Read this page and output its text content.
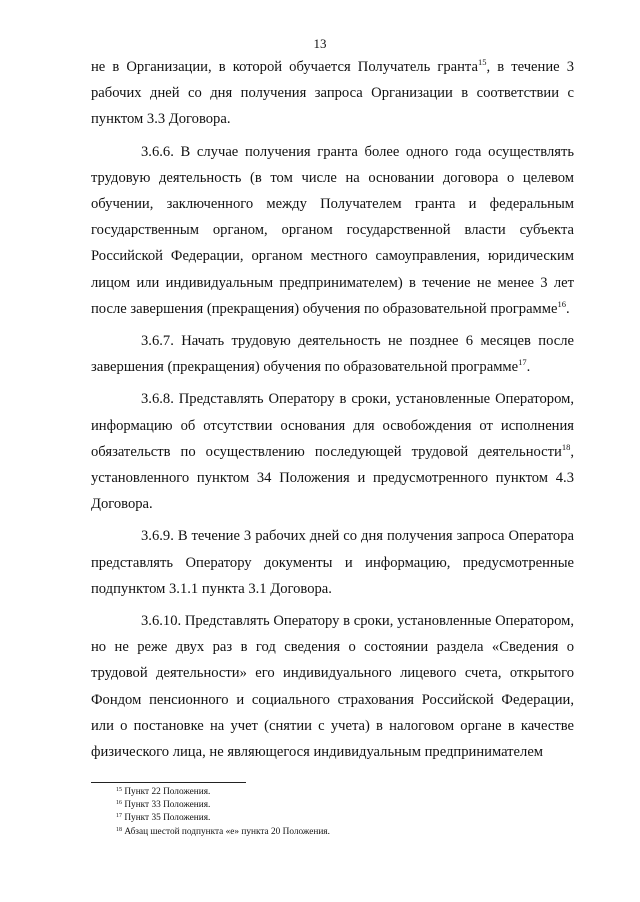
13

не в Организации, в которой обучается Получатель гранта$^{15}$, в течение 3 рабочих дней со дня получения запроса Организации в соответствии с пунктом 3.3 Договора.

3.6.6. В случае получения гранта более одного года осуществлять трудовую деятельность (в том числе на основании договора о целевом обучении, заключенного между Получателем гранта и федеральным государственным органом, органом государственной власти субъекта Российской Федерации, органом местного самоуправления, юридическим лицом или индивидуальным предпринимателем) в течение не менее 3 лет после завершения (прекращения) обучения по образовательной программе$^{16}$.

3.6.7. Начать трудовую деятельность не позднее 6 месяцев после завершения (прекращения) обучения по образовательной программе$^{17}$.

3.6.8. Представлять Оператору в сроки, установленные Оператором, информацию об отсутствии основания для освобождения от исполнения обязательств по осуществлению последующей трудовой деятельности$^{18}$, установленного пунктом 34 Положения и предусмотренного пунктом 4.3 Договора.

3.6.9. В течение 3 рабочих дней со дня получения запроса Оператора представлять Оператору документы и информацию, предусмотренные подпунктом 3.1.1 пункта 3.1 Договора.

3.6.10. Представлять Оператору в сроки, установленные Оператором, но не реже двух раз в год сведения о состоянии раздела «Сведения о трудовой деятельности» его индивидуального лицевого счета, открытого Фондом пенсионного и социального страхования Российской Федерации, или о постановке на учет (снятии с учета) в налоговом органе в качестве физического лица, не являющегося индивидуальным предпринимателем

$^{15}$ Пункт 22 Положения.
$^{16}$ Пункт 33 Положения.
$^{17}$ Пункт 35 Положения.
$^{18}$ Абзац шестой подпункта «е» пункта 20 Положения.
